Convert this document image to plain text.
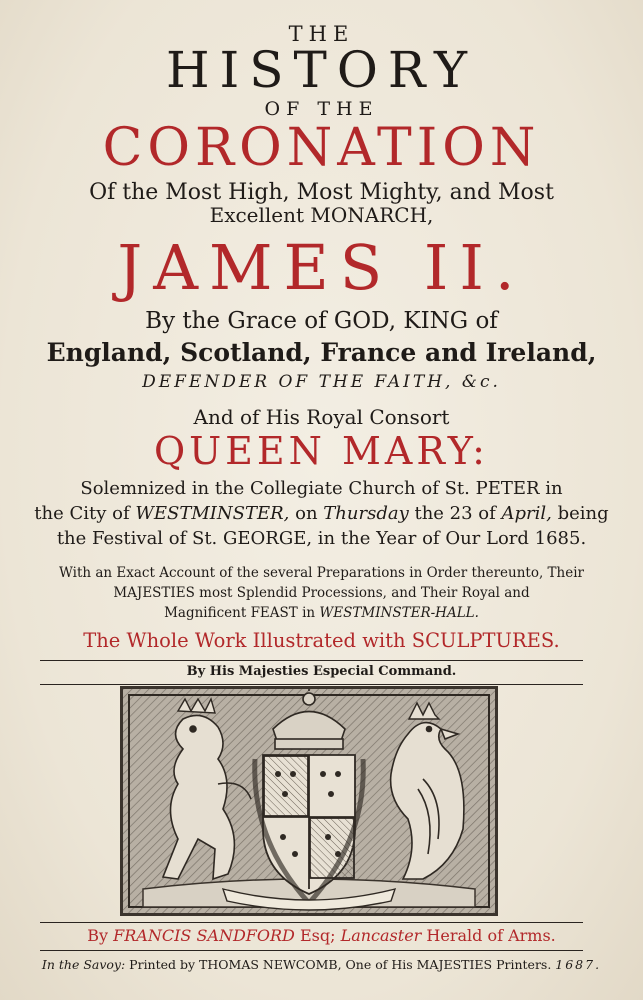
THE

HISTORY

OF THE

CORONATION

Of the Most High, Most Mighty, and Most

Excellent MONARCH,

JAMES II.

By the Grace of GOD, KING of

England, Scotland, France and Ireland,

DEFENDER OF THE FAITH, &c.

And of His Royal Consort

QUEEN MARY:

Solemnized in the Collegiate Church of St. PETER in

the City of WESTMINSTER, on Thursday the 23 of April, being

the Festival of St. GEORGE, in the Year of Our Lord 1685.

With an Exact Account of the several Preparations in Order thereunto, Their

MAJESTIES most Splendid Processions, and Their Royal and

Magnificent FEAST in WESTMINSTER-HALL.

The Whole Work Illustrated with SCULPTURES.

By His Majesties Especial Command.

By FRANCIS SANDFORD Esq; Lancaster Herald of Arms.

In the Savoy: Printed by THOMAS NEWCOMB, One of His MAJESTIES Printers. 1687.
